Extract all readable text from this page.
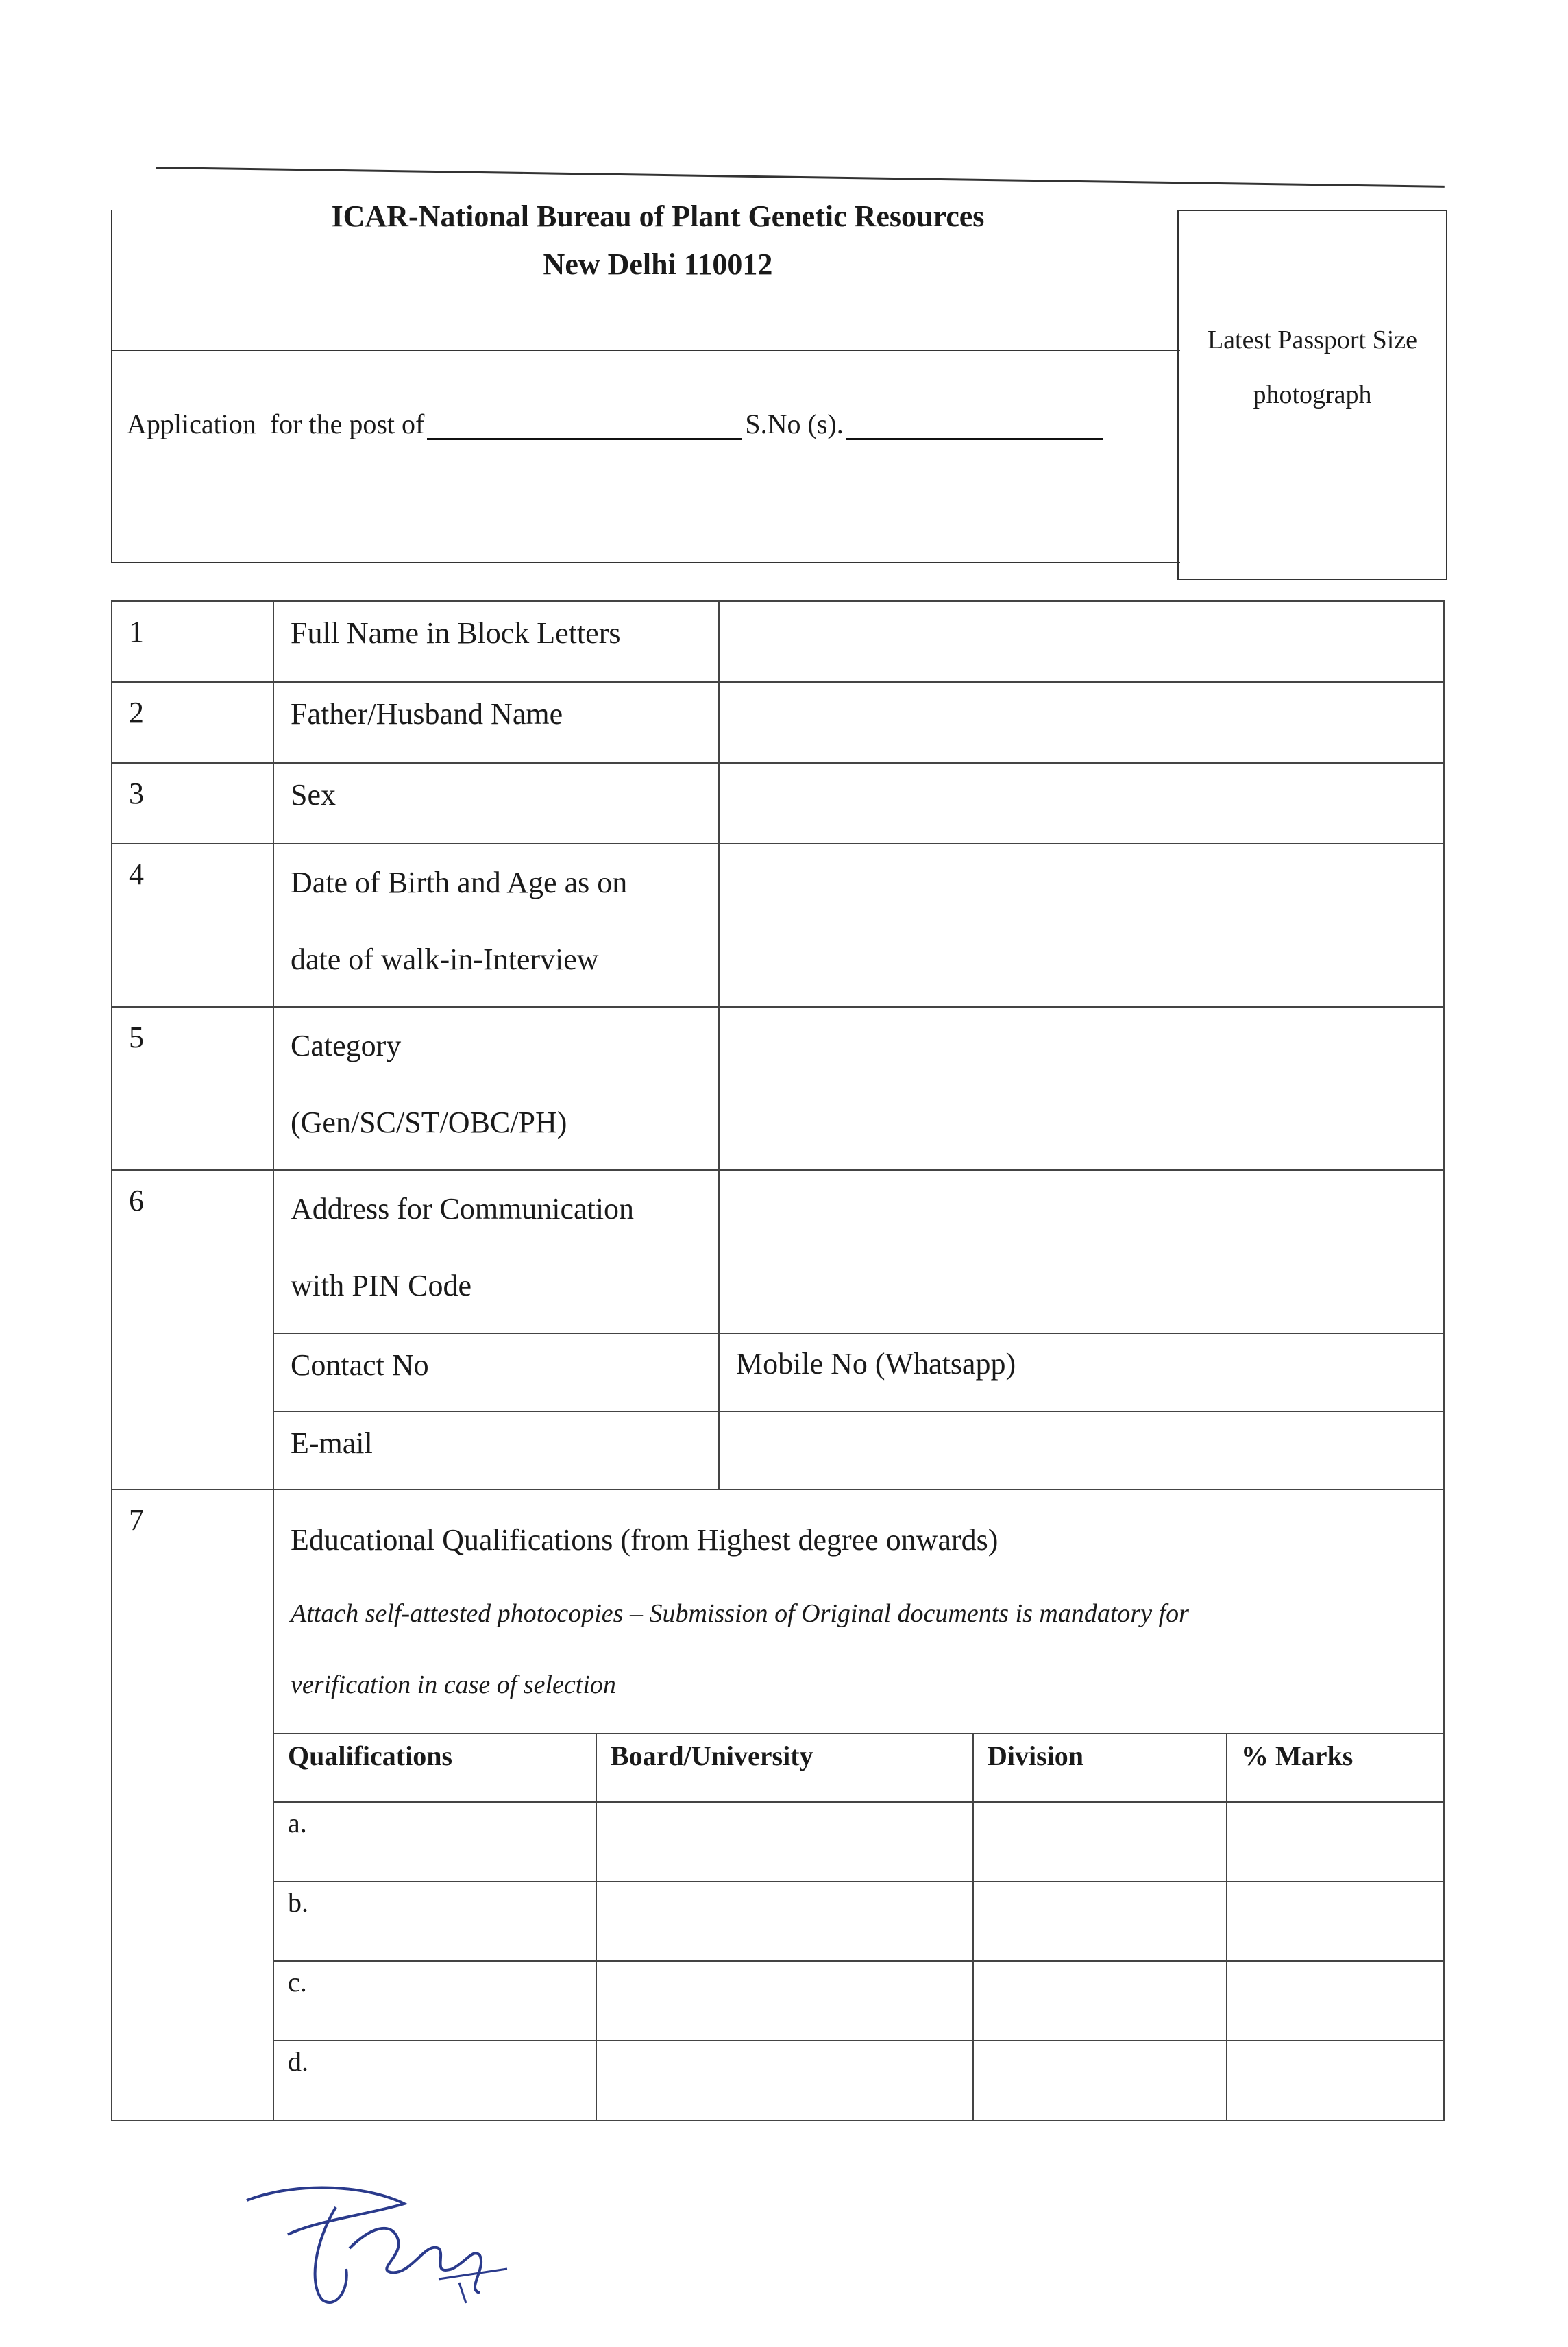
ICAR-National Bureau of Plant Genetic Resources
New Delhi 110012
Application  for the post of	S.No (s).
Latest Passport Size
photograph
1	Full Name in Block Letters	
2	Father/Husband Name	
3	Sex	
4	Date of Birth and Age as on
date of walk-in-Interview

5	Category
(Gen/SC/ST/OBC/PH)

6	Address for Communication
with PIN Code

Contact No	Mobile No (Whatsapp)
E-mail	
7	
Educational Qualifications (from Highest degree onwards)
Attach self-attested photocopies – Submission of Original documents is mandatory for
verification in case of selection
Qualifications	Board/University	Division	% Marks
a.			
b.			
c.			
d.			
